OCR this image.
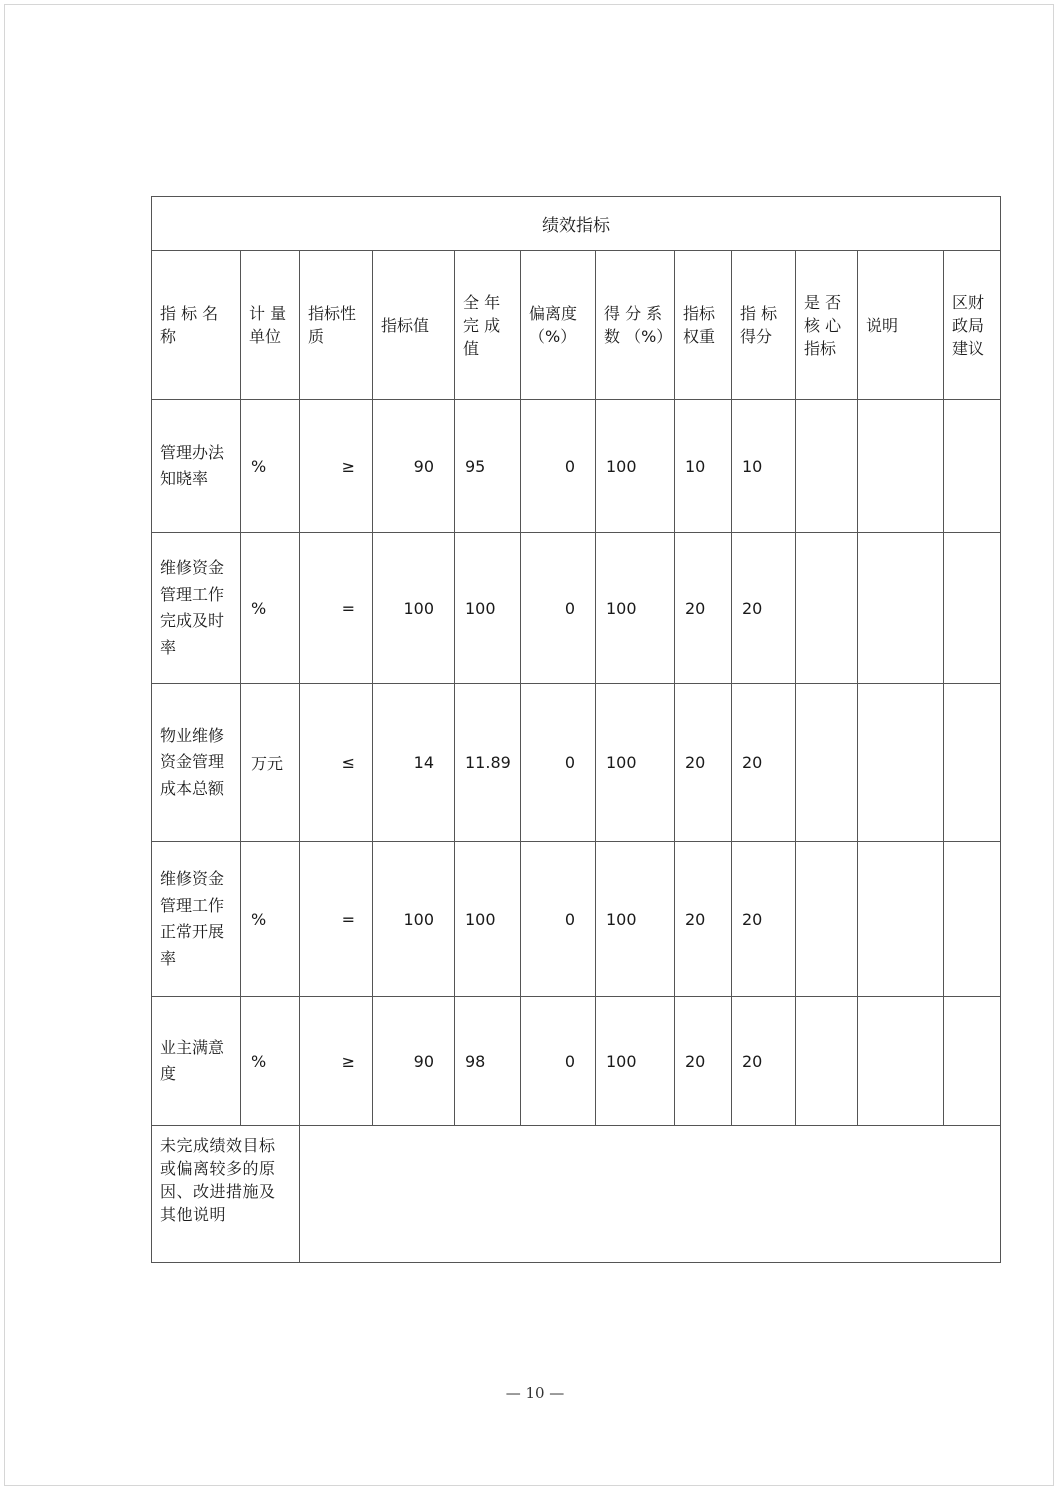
绩效指标											
指 标 名 称	计 量 单位	指标性 质	指标值	全 年 完 成 值	偏离度 （%）	得 分 系 数 （%）	指标 权重	指 标 得分	是 否 核 心 指标	说明	区财 政局 建议
管理办法知晓率	%	≥	90	95	0	100	10	10			
维修资金管理工作完成及时率	%	=	100	100	0	100	20	20			
物业维修资金管理成本总额	万元	≤	14	11.89	0	100	20	20			
维修资金管理工作正常开展率	%	=	100	100	0	100	20	20			
业主满意度	%	≥	90	98	0	100	20	20			
未完成绩效目标或偏离较多的原因、改进措施及其他说明											
— 10 —
